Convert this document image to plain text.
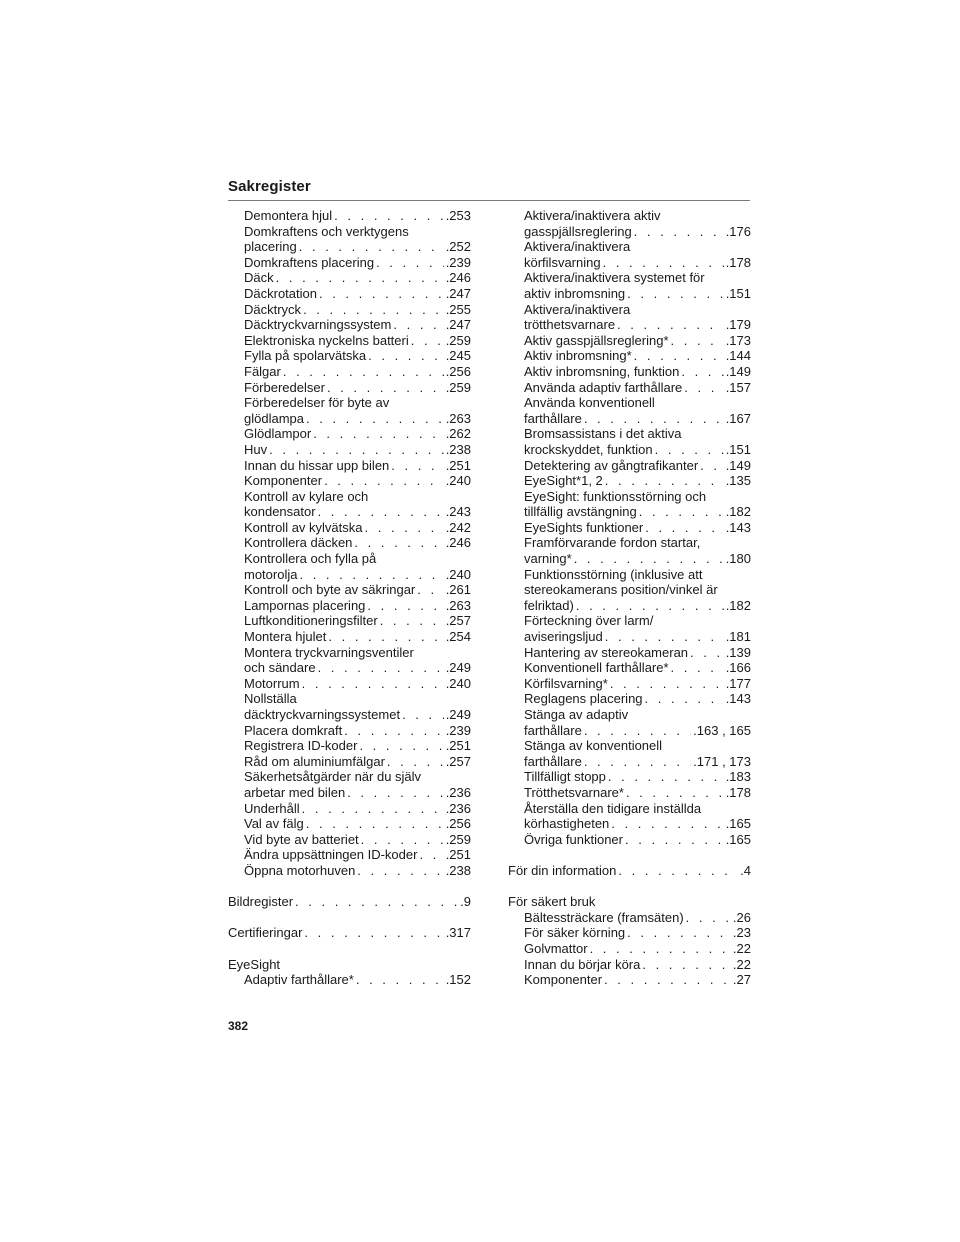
Sakregister
Demontera hjul . . .	.253
Domkraftens och verktygens
placering . . .	.252
Domkraftens placering . . .	.239
Däck . . .	.246
Däckrotation . . .	.247
Däcktryck . . .	.255
Däcktryckvarningssystem . . .	.247
Elektroniska nyckelns batteri . . .	.259
Fylla på spolarvätska . . .	.245
Fälgar . . .	.256
Förberedelser . . .	.259
Förberedelser för byte av
glödlampa . . .	.263
Glödlampor . . .	.262
Huv . . .	.238
Innan du hissar upp bilen . . .	.251
Komponenter . . .	.240
Kontroll av kylare och
kondensator . . .	.243
Kontroll av kylvätska . . .	.242
Kontrollera däcken . . .	.246
Kontrollera och fylla på
motorolja . . .	.240
Kontroll och byte av säkringar . . . .261
Lampornas placering . . .	.263
Luftkonditioneringsfilter . . .	.257
Montera hjulet . . .	.254
Montera tryckvarningsventiler
och sändare . . .	.249
Motorrum . . .	.240
Nollställa
däcktryckvarningssystemet . . .	.249
Placera domkraft . . .	.239
Registrera ID-koder . . .	.251
Råd om aluminiumfälgar . . .	.257
Säkerhetsåtgärder när du själv
arbetar med bilen . . .	.236
Underhåll . . .	.236
Val av fälg . . .	.256
Vid byte av batteriet . . .	.259
Ändra uppsättningen ID-koder . . . .251
Öppna motorhuven . . .	.238
Bildregister . . .	.9
Certifieringar . . .	.317
EyeSight
Adaptiv farthållare* . . .	.152
Aktivera/inaktivera aktiv
gasspjällsreglering . . .	.176
Aktivera/inaktivera
körfilsvarning . . .	.178
Aktivera/inaktivera systemet för
aktiv inbromsning . . .	.151
Aktivera/inaktivera
trötthetsvarnare . . .	.179
Aktiv gasspjällsreglering* . . .	.173
Aktiv inbromsning* . . .	.144
Aktiv inbromsning, funktion . . .	.149
Använda adaptiv farthållare . . .	.157
Använda konventionell
farthållare . . .	.167
Bromsassistans i det aktiva
krockskyddet, funktion . . .	.151
Detektering av gångtrafikanter . . . .149
EyeSight*1, 2 . . .	.135
EyeSight: funktionsstörning och
tillfällig avstängning . . .	.182
EyeSights funktioner . . .	.143
Framförvarande fordon startar,
varning* . . .	.180
Funktionsstörning (inklusive att
stereokamerans position/vinkel är
felriktad) . . .	.182
Förteckning över larm/
aviseringsljud . . .	.181
Hantering av stereokameran . . .	.139
Konventionell farthållare* . . .	.166
Körfilsvarning* . . .	.177
Reglagens placering . . .	.143
Stänga av adaptiv
farthållare . . .	.163 , 165
Stänga av konventionell
farthållare . . .	.171 , 173
Tillfälligt stopp . . .	.183
Trötthetsvarnare* . . .	.178
Återställa den tidigare inställda
körhastigheten . . .	.165
Övriga funktioner . . .	.165
För din information . . .	.4
För säkert bruk
Bältessträckare (framsäten) . . .	.26
För säker körning . . .	.23
Golvmattor . . .	.22
Innan du börjar köra . . .	.22
Komponenter . . .	.27
382
